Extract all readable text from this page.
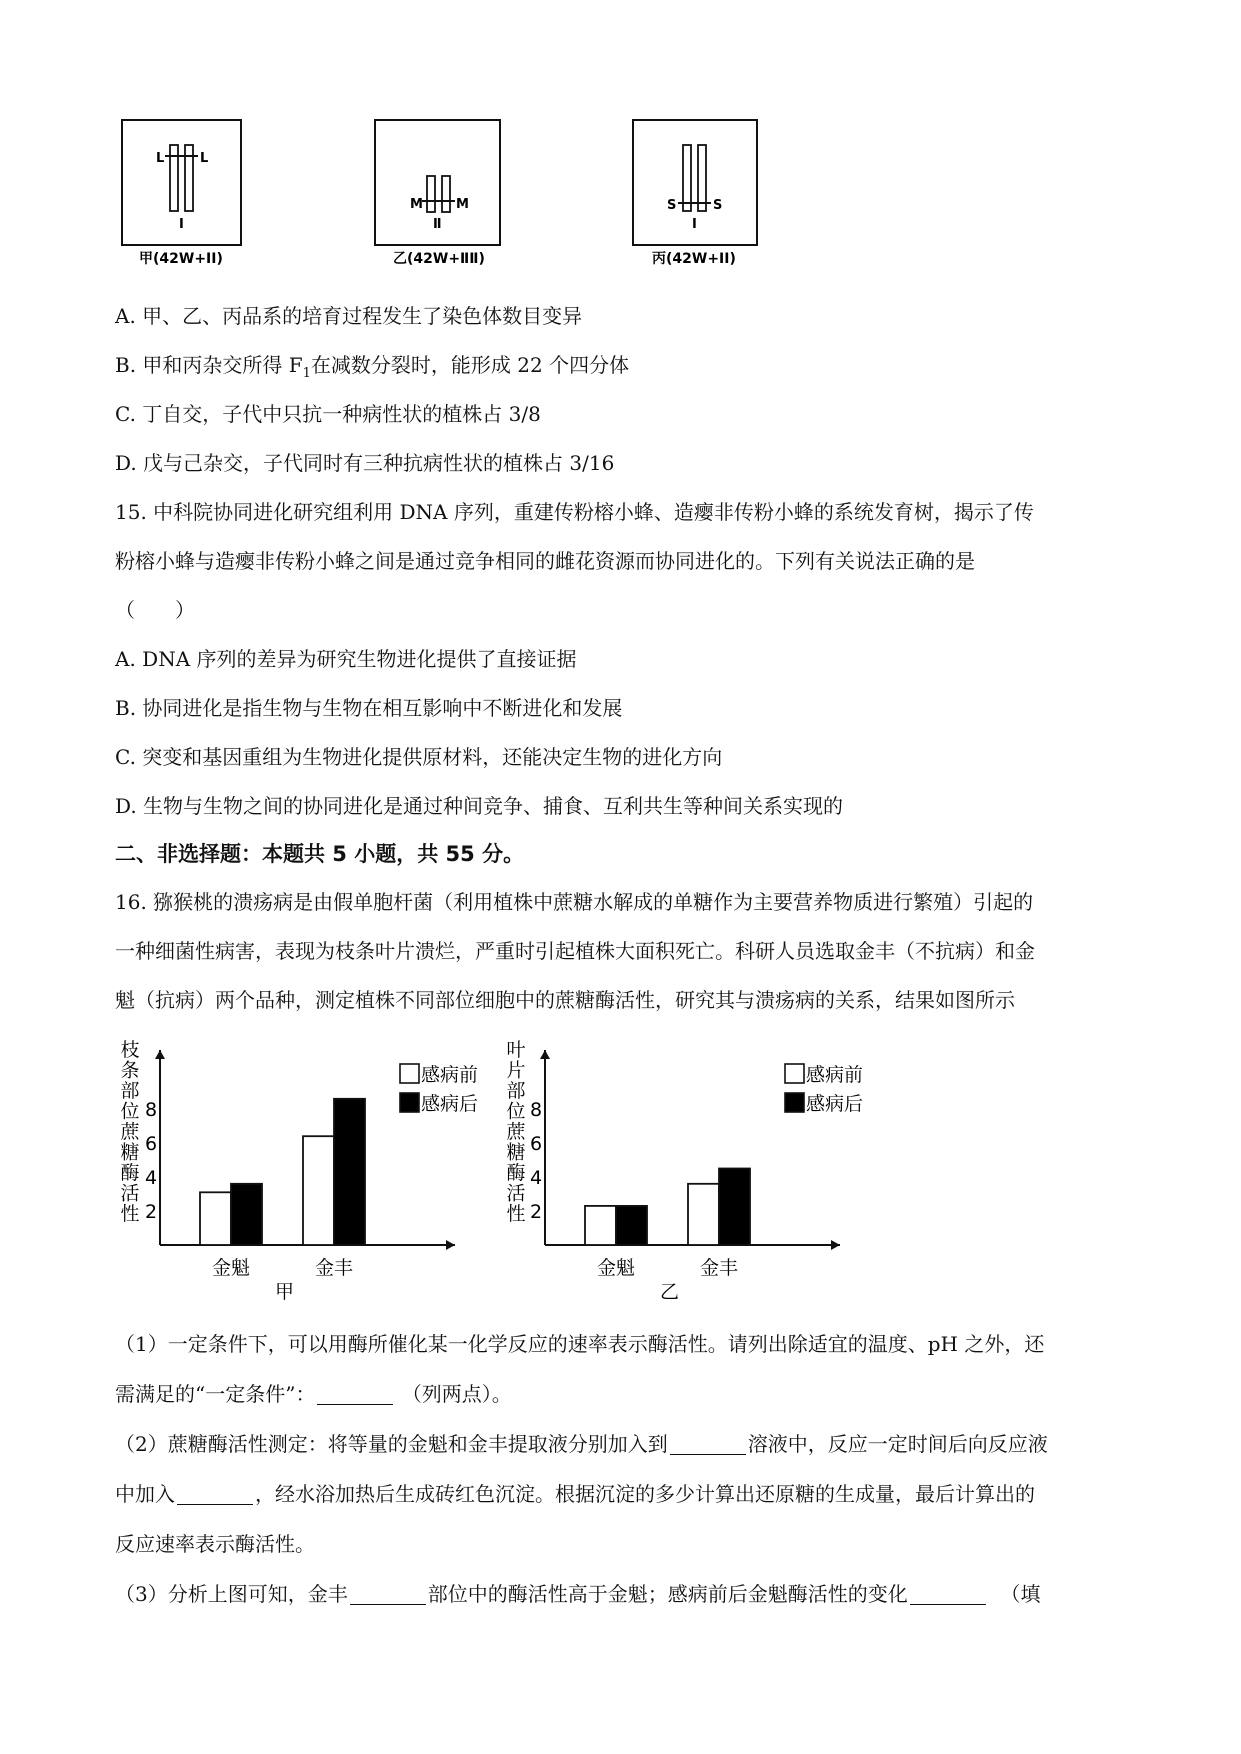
L	L
I
甲(42W+ⅠⅠ)
M	M
Ⅱ
乙(42W+ⅡⅡ)
S	S
I
丙(42W+ⅠⅠ)
A. 甲、乙、丙品系的培育过程发生了染色体数目变异
B. 甲和丙杂交所得 $F_1$在减数分裂时，能形成 22 个四分体
C. 丁自交，子代中只抗一种病性状的植株占 3/8
D. 戊与己杂交，子代同时有三种抗病性状的植株占 3/16
15. 中科院协同进化研究组利用 DNA 序列，重建传粉榕小蜂、造瘿非传粉小蜂的系统发育树，揭示了传
粉榕小蜂与造瘿非传粉小蜂之间是通过竞争相同的雌花资源而协同进化的。下列有关说法正确的是
（　　）
A. DNA 序列的差异为研究生物进化提供了直接证据
B. 协同进化是指生物与生物在相互影响中不断进化和发展
C. 突变和基因重组为生物进化提供原材料，还能决定生物的进化方向
D. 生物与生物之间的协同进化是通过种间竞争、捕食、互利共生等种间关系实现的
二、非选择题：本题共 5 小题，共 55 分。
16. 猕猴桃的溃疡病是由假单胞杆菌（利用植株中蔗糖水解成的单糖作为主要营养物质进行繁殖）引起的
一种细菌性病害，表现为枝条叶片溃烂，严重时引起植株大面积死亡。科研人员选取金丰（不抗病）和金
魁（抗病）两个品种，测定植株不同部位细胞中的蔗糖酶活性，研究其与溃疡病的关系，结果如图所示
2
4
6
8
枝条部位蔗糖酶活性
金魁	金丰
甲
感病前
感病后
2
4
6
8
叶片部位蔗糖酶活性
金魁	金丰
乙
感病前
感病后
（1）一定条件下，可以用酶所催化某一化学反应的速率表示酶活性。请列出除适宜的温度、pH 之外，还
需满足的“一定条件”：	（列两点）。
（2）蔗糖酶活性测定：将等量的金魁和金丰提取液分别加入到	溶液中，反应一定时间后向反应液
中加入	，经水浴加热后生成砖红色沉淀。根据沉淀的多少计算出还原糖的生成量，最后计算出的
反应速率表示酶活性。
（3）分析上图可知，金丰	部位中的酶活性高于金魁；感病前后金魁酶活性的变化	（填
